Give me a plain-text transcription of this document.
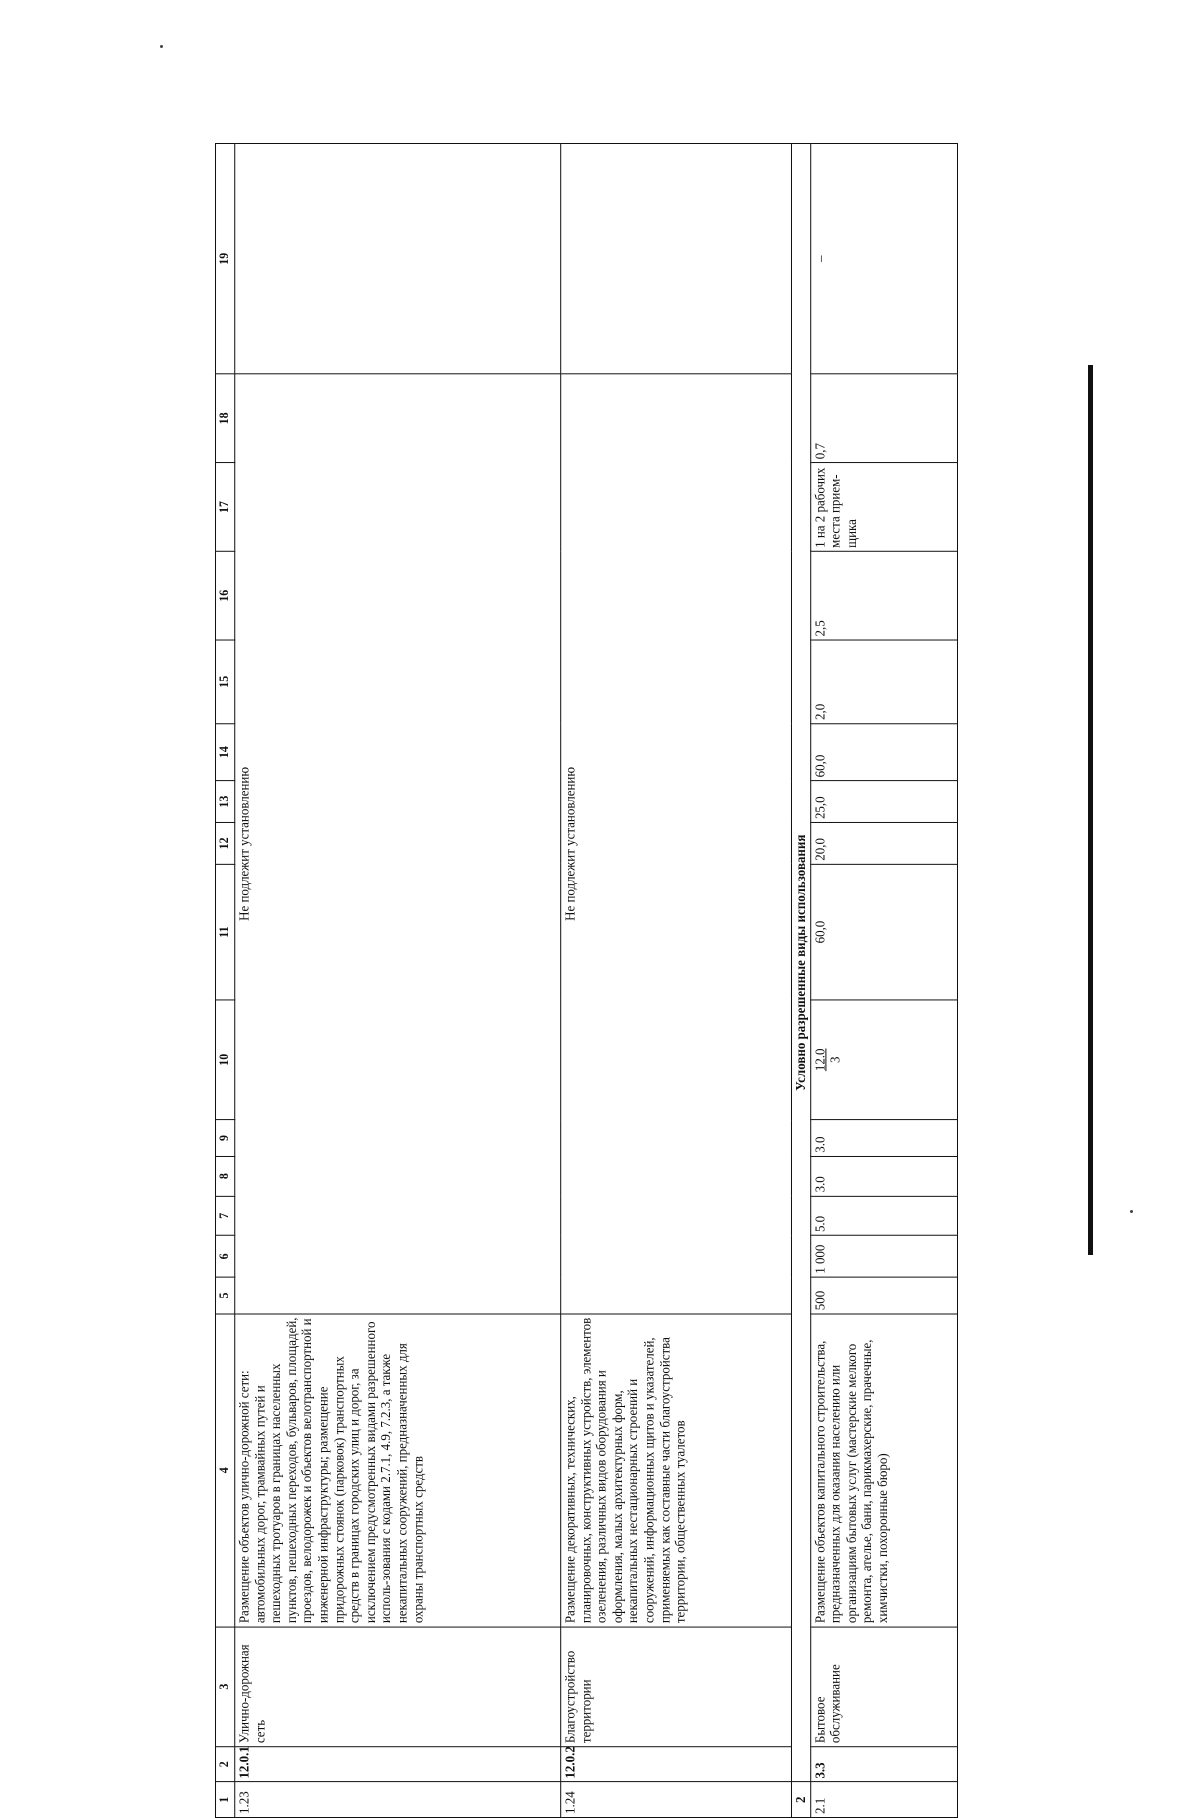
1	2	3	4	5	6	7	8	9	10	11	12	13	14	15	16	17	18	19
1.23	12.0.1	Улично-дорожная сеть	Размещение объектов улично-дорожной сети: автомобильных дорог, трамвайных путей и пешеходных тротуаров в границах населенных пунктов, пешеходных переходов, бульваров, площадей, проездов, велодорожек и объектов велотранспортной и инженерной инфраструктуры; размещение придорожных стоянок (парковок) транспортных средств в границах городских улиц и дорог, за исключением предусмотренных видами разрешенного исполь-зования с кодами 2.7.1, 4.9, 7.2.3, а также некапитальных сооружений, предназначенных для охраны транспортных средств	Не подлежит установлению														
1.24	12.0.2	Благоустройство территории	Размещение декоративных, технических, планировочных, конструктивных устройств, элементов озеленения, различных видов оборудования и оформления, малых архитектурных форм, некапитальных нестационарных строений и сооружений, информационных щитов и указателей, применяемых как составные части благоустройства территории, общественных туалетов	Не подлежит установлению														
2	Условно разрешенные виды использования																	
2.1	3.3	Бытовое обслуживание	Размещение объектов капитального строительства, предназначенных для оказания населению или организациям бытовых услуг (мастерские мелкого ремонта, ателье, бани, парикмахерские, прачечные, химчистки, похоронные бюро)	500	1 000	5.0	3.0	3.0	12.0 3	60,0	20,0	25,0	60,0	2,0	2,5	1 на 2 рабочих места прием-щика	0,7	–
